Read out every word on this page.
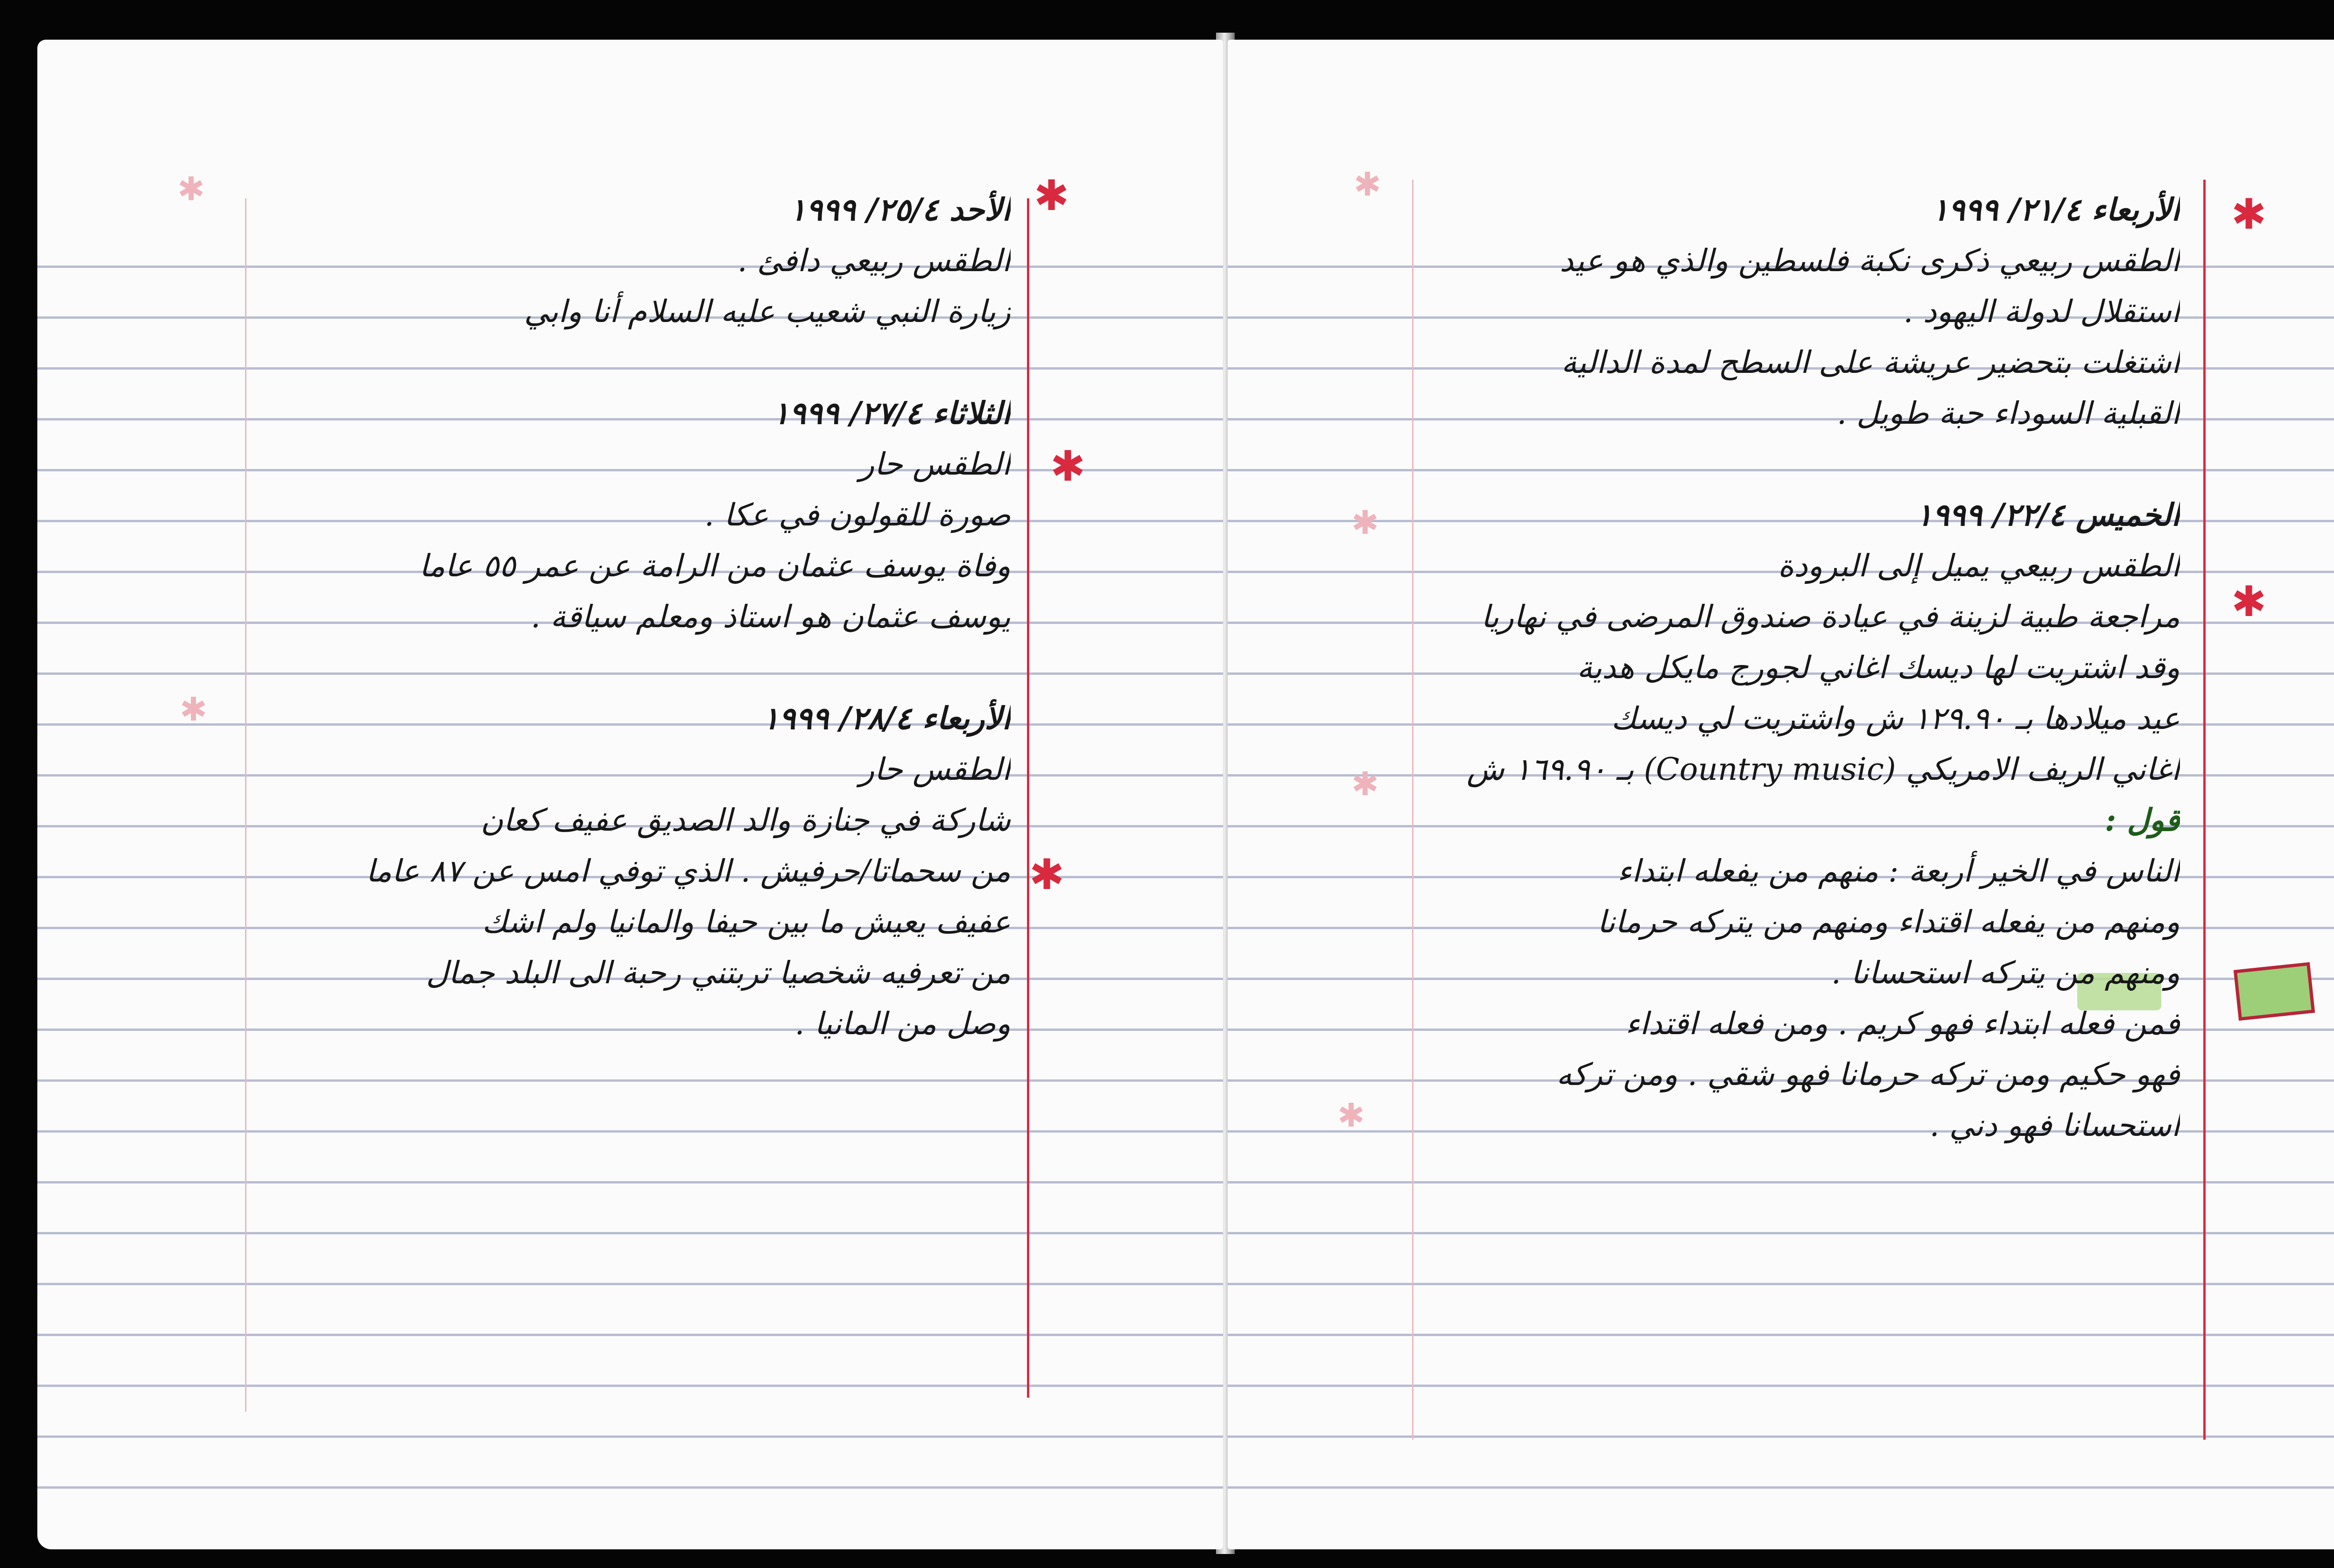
✱
✱
✱
✱
✱
الأحد ٢٥/٤/ ١٩٩٩
الطقس ربيعي دافئ .
زيارة النبي شعيب عليه السلام أنا وابي
الثلاثاء ٢٧/٤/ ١٩٩٩
الطقس حار
صورة للقولون في عكا .
وفاة يوسف عثمان من الرامة عن عمر ٥٥ عاما
يوسف عثمان هو استاذ ومعلم سياقة .
الأربعاء ٢٨/٤/ ١٩٩٩
الطقس حار
شاركة في جنازة والد الصديق عفيف كعان
من سحماتا/حرفيش . الذي توفي امس عن ٨٧ عاما
عفيف يعيش ما بين حيفا والمانيا ولم اشك
من تعرفيه شخصيا تربتني رحبة الى البلد جمال
وصل من المانيا .
✱
✱
✱
✱
✱
✱
الأربعاء ٢١/٤/ ١٩٩٩
الطقس ربيعي ذكرى نكبة فلسطين والذي هو عيد
استقلال لدولة اليهود .
اشتغلت بتحضير عريشة على السطح لمدة الدالية
القبلية السوداء حبة طويل .
الخميس ٢٢/٤/ ١٩٩٩
الطقس ربيعي يميل إلى البرودة
مراجعة طبية لزينة في عيادة صندوق المرضى في نهاريا
وقد اشتريت لها ديسك اغاني لجورج مايكل هدية
عيد ميلادها بـ ١٢٩.٩٠ ش واشتريت لي ديسك
اغاني الريف الامريكي (Country music) بـ ١٦٩.٩٠ ش
قول :
الناس في الخير أربعة : منهم من يفعله ابتداء
ومنهم من يفعله اقتداء ومنهم من يتركه حرمانا
ومنهم من يتركه استحسانا .
فمن فعله ابتداء فهو كريم . ومن فعله اقتداء
فهو حكيم ومن تركه حرمانا فهو شقي . ومن تركه
استحسانا فهو دني .
